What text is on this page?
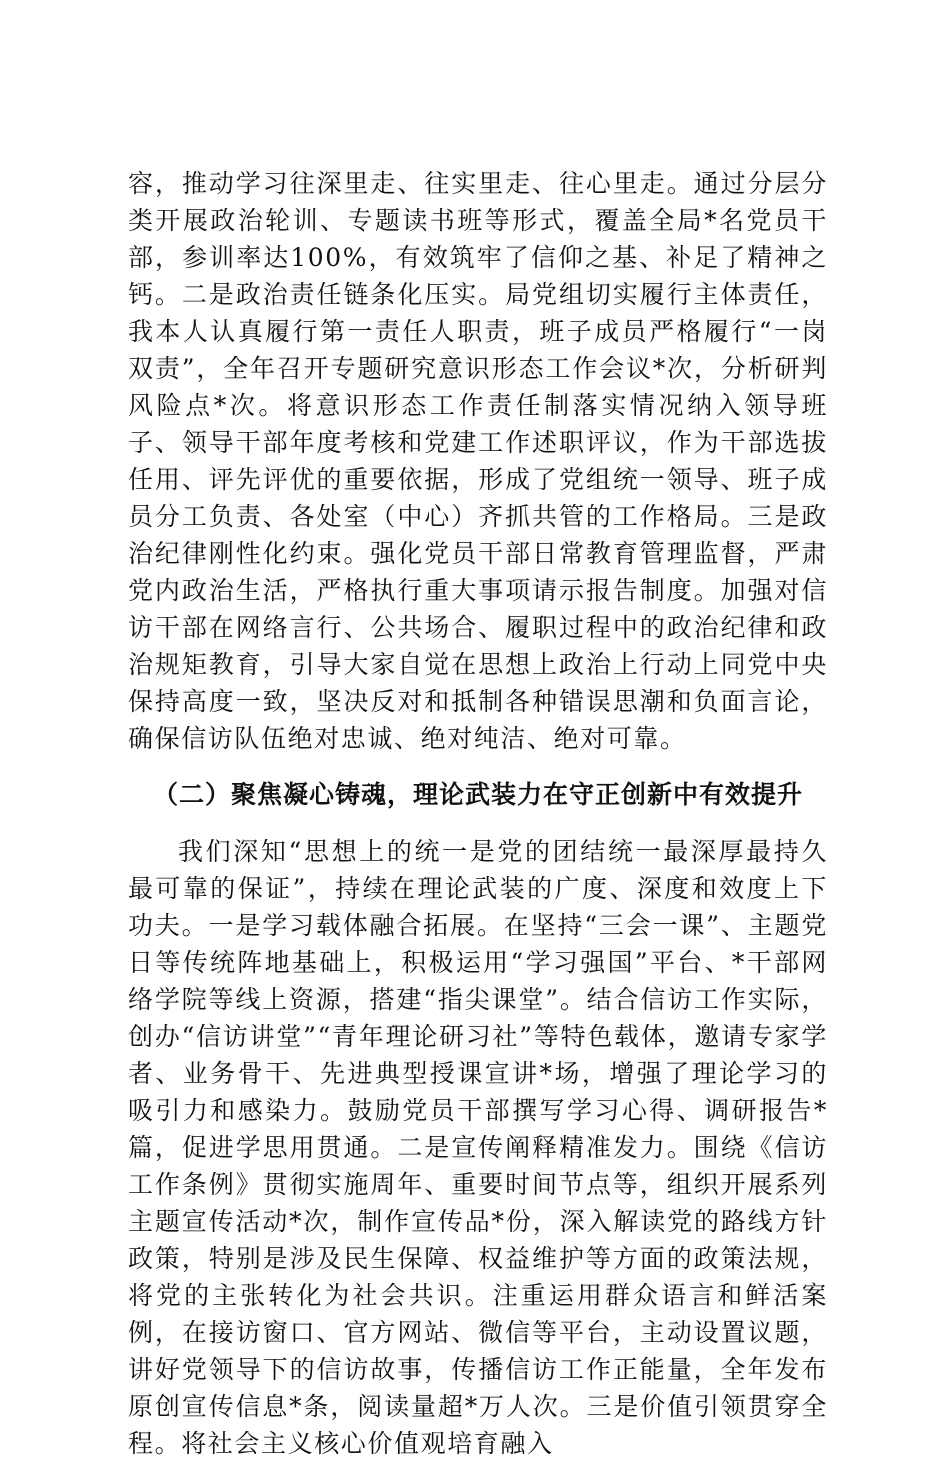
容，推动学习往深里走、往实里走、往心里走。通过分层分类开展政治轮训、专题读书班等形式，覆盖全局*名党员干部，参训率达100%，有效筑牢了信仰之基、补足了精神之钙。二是政治责任链条化压实。局党组切实履行主体责任，我本人认真履行第一责任人职责，班子成员严格履行“一岗双责”，全年召开专题研究意识形态工作会议*次，分析研判风险点*次。将意识形态工作责任制落实情况纳入领导班子、领导干部年度考核和党建工作述职评议，作为干部选拔任用、评先评优的重要依据，形成了党组统一领导、班子成员分工负责、各处室（中心）齐抓共管的工作格局。三是政治纪律刚性化约束。强化党员干部日常教育管理监督，严肃党内政治生活，严格执行重大事项请示报告制度。加强对信访干部在网络言行、公共场合、履职过程中的政治纪律和政治规矩教育，引导大家自觉在思想上政治上行动上同党中央保持高度一致，坚决反对和抵制各种错误思潮和负面言论，确保信访队伍绝对忠诚、绝对纯洁、绝对可靠。

（二）聚焦凝心铸魂，理论武装力在守正创新中有效提升

我们深知“思想上的统一是党的团结统一最深厚最持久最可靠的保证”，持续在理论武装的广度、深度和效度上下功夫。一是学习载体融合拓展。在坚持“三会一课”、主题党日等传统阵地基础上，积极运用“学习强国”平台、*干部网络学院等线上资源，搭建“指尖课堂”。结合信访工作实际，创办“信访讲堂”“青年理论研习社”等特色载体，邀请专家学者、业务骨干、先进典型授课宣讲*场，增强了理论学习的吸引力和感染力。鼓励党员干部撰写学习心得、调研报告*篇，促进学思用贯通。二是宣传阐释精准发力。围绕《信访工作条例》贯彻实施周年、重要时间节点等，组织开展系列主题宣传活动*次，制作宣传品*份，深入解读党的路线方针政策，特别是涉及民生保障、权益维护等方面的政策法规，将党的主张转化为社会共识。注重运用群众语言和鲜活案例，在接访窗口、官方网站、微信等平台，主动设置议题，讲好党领导下的信访故事，传播信访工作正能量，全年发布原创宣传信息*条，阅读量超*万人次。三是价值引领贯穿全程。将社会主义核心价值观培育融入
